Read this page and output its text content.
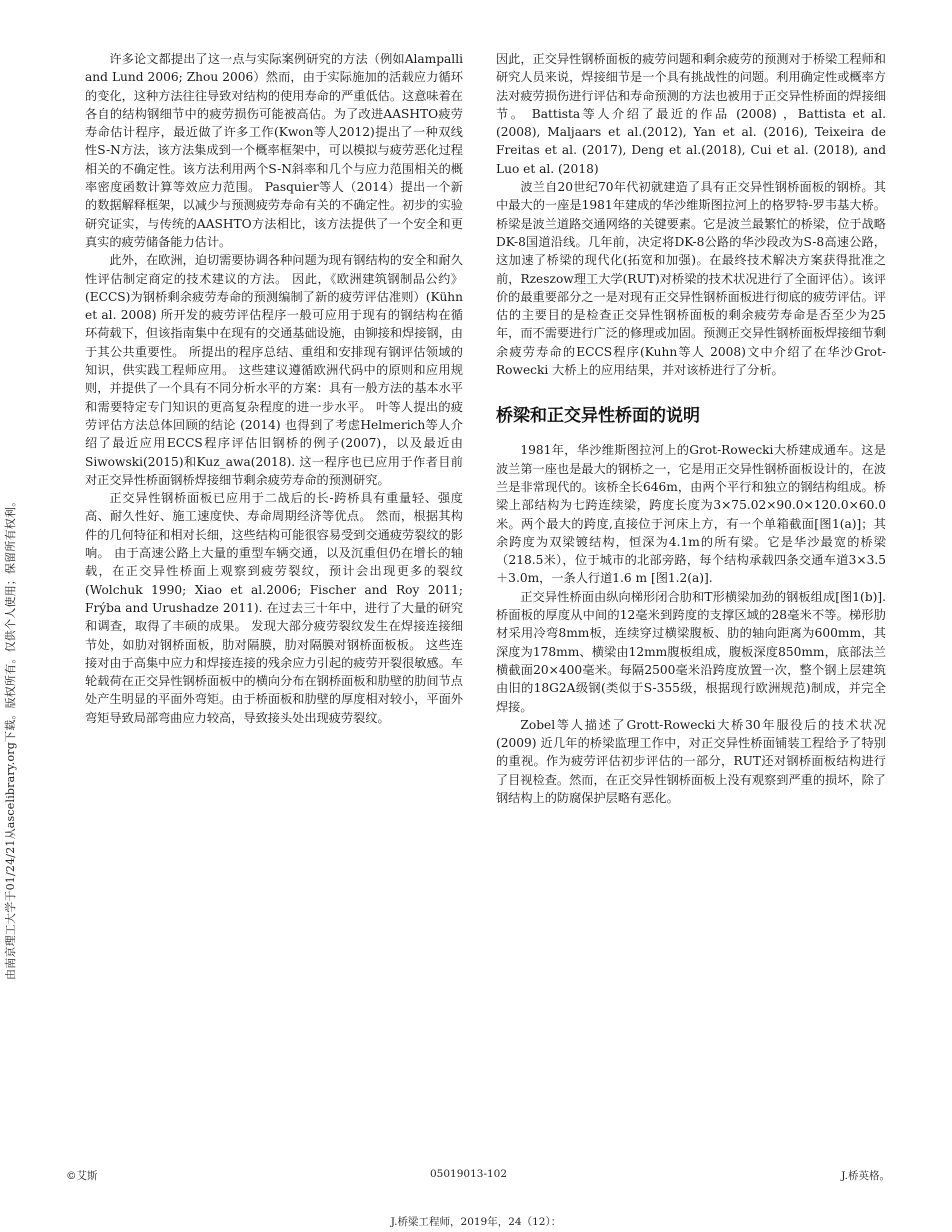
由南京理工大学于01/24/21从ascelibrary.org下载。版权所有。仅供个人使用；保留所有权利。

许多论文都提出了这一点与实际案例研究的方法（例如Alampalli and Lund 2006; Zhou 2006）然而，由于实际施加的活载应力循环的变化，这种方法往往导致对结构的使用寿命的严重低估。这意味着在各自的结构钢细节中的疲劳损伤可能被高估。为了改进AASHTO疲劳寿命估计程序，最近做了许多工作(Kwon等人2012)提出了一种双线性S-N方法，该方法集成到一个概率框架中，可以模拟与疲劳恶化过程相关的不确定性。该方法利用两个S-N斜率和几个与应力范围相关的概率密度函数计算等效应力范围。 Pasquier等人（2014）提出一个新的数据解释框架，以减少与预测疲劳寿命有关的不确定性。初步的实验研究证实，与传统的AASHTO方法相比，该方法提供了一个安全和更真实的疲劳储备能力估计。

此外，在欧洲，迫切需要协调各种问题为现有钢结构的安全和耐久性评估制定商定的技术建议的方法。 因此，《欧洲建筑钢制品公约》(ECCS)为钢桥剩余疲劳寿命的预测编制了新的疲劳评估准则）(Kühn et al. 2008) 所开发的疲劳评估程序一般可应用于现有的钢结构在循环荷载下，但该指南集中在现有的交通基础设施，由铆接和焊接钢，由于其公共重要性。 所提出的程序总结、重组和安排现有钢评估领域的知识，供实践工程师应用。 这些建议遵循欧洲代码中的原则和应用规则，并提供了一个具有不同分析水平的方案：具有一般方法的基本水平和需要特定专门知识的更高复杂程度的进一步水平。 叶等人提出的疲劳评估方法总体回顾的结论 (2014) 也得到了考虑Helmerich等人介绍了最近应用ECCS程序评估旧钢桥的例子(2007)，以及最近由Siwowski(2015)和Kuz_awa(2018). 这一程序也已应用于作者目前对正交异性桥面钢桥焊接细节剩余疲劳寿命的预测研究。

正交异性钢桥面板已应用于二战后的长-跨桥具有重量轻、强度高、耐久性好、施工速度快、寿命周期经济等优点。 然而，根据其构件的几何特征和相对长细，这些结构可能很容易受到交通疲劳裂纹的影响。 由于高速公路上大量的重型车辆交通，以及沉重但仍在增长的轴载，在正交异性桥面上观察到疲劳裂纹，预计会出现更多的裂纹(Wolchuk 1990; Xiao et al.2006; Fischer and Roy 2011; Frýba and Urushadze 2011). 在过去三十年中，进行了大量的研究和调查，取得了丰硕的成果。 发现大部分疲劳裂纹发生在焊接连接细节处，如肋对钢桥面板，肋对隔膜，肋对隔膜对钢桥面板板。 这些连接对由于高集中应力和焊接连接的残余应力引起的疲劳开裂很敏感。车轮载荷在正交异性钢桥面板中的横向分布在钢桥面板和肋壁的肋间节点处产生明显的平面外弯矩。由于桥面板和肋壁的厚度相对较小，平面外弯矩导致局部弯曲应力较高，导致接头处出现疲劳裂纹。

因此，正交异性钢桥面板的疲劳问题和剩余疲劳的预测对于桥梁工程师和研究人员来说，焊接细节是一个具有挑战性的问题。利用确定性或概率方法对疲劳损伤进行评估和寿命预测的方法也被用于正交异性桥面的焊接细节。 Battista等人介绍了最近的作品 (2008) ，Battista et al. (2008), Maljaars et al.(2012), Yan et al. (2016), Teixeira de Freitas et al. (2017), Deng et al.(2018), Cui et al. (2018), and Luo et al. (2018)

波兰自20世纪70年代初就建造了具有正交异性钢桥面板的钢桥。其中最大的一座是1981年建成的华沙维斯图拉河上的格罗特-罗韦基大桥。桥梁是波兰道路交通网络的关键要素。它是波兰最繁忙的桥梁，位于战略DK-8国道沿线。几年前，决定将DK-8公路的华沙段改为S-8高速公路，这加速了桥梁的现代化(拓宽和加强)。在最终技术解决方案获得批准之前，Rzeszow理工大学(RUT)对桥梁的技术状况进行了全面评估）。该评价的最重要部分之一是对现有正交异性钢桥面板进行彻底的疲劳评估。评估的主要目的是检查正交异性钢桥面板的剩余疲劳寿命是否至少为25年，而不需要进行广泛的修理或加固。预测正交异性钢桥面板焊接细节剩余疲劳寿命的ECCS程序(Kuhn等人 2008)文中介绍了在华沙Grot-Rowecki 大桥上的应用结果，并对该桥进行了分析。

桥梁和正交异性桥面的说明

1981年，华沙维斯图拉河上的Grot-Rowecki大桥建成通车。这是波兰第一座也是最大的钢桥之一，它是用正交异性钢桥面板设计的，在波兰是非常现代的。该桥全长646m，由两个平行和独立的钢结构组成。桥梁上部结构为七跨连续梁，跨度长度为3×75.02×90.0×120.0×60.0米。两个最大的跨度,直接位于河床上方，有一个单箱截面[图1(a)]；其余跨度为双梁镀结构，恒深为4.1m的所有梁。它是华沙最宽的桥梁（218.5米），位于城市的北部旁路，每个结构承载四条交通车道3×3.5＋3.0m，一条人行道1.6 m [图1.2(a)].

正交异性桥面由纵向梯形闭合肋和T形横梁加劲的钢板组成[图1(b)].桥面板的厚度从中间的12毫米到跨度的支撑区域的28毫米不等。梯形肋材采用冷弯8mm板，连续穿过横梁腹板、肋的轴向距离为600mm，其深度为178mm、横梁由12mm腹板组成，腹板深度850mm，底部法兰横截面20×400毫米。每隔2500毫米沿跨度放置一次，整个钢上层建筑由旧的18G2A级钢(类似于S-355级，根据现行欧洲规范)制成，并完全焊接。

Zobel等人描述了Grott-Rowecki大桥30年服役后的技术状况(2009) 近几年的桥梁监理工作中，对正交异性桥面铺装工程给予了特别的重视。作为疲劳评估初步评估的一部分，RUT还对钢桥面板结构进行了目视检查。然而，在正交异性钢桥面板上没有观察到严重的损坏，除了钢结构上的防腐保护层略有恶化。

©艾斯	05019013-102	J.桥英格。
J.桥梁工程师，2019年，24（12）：
